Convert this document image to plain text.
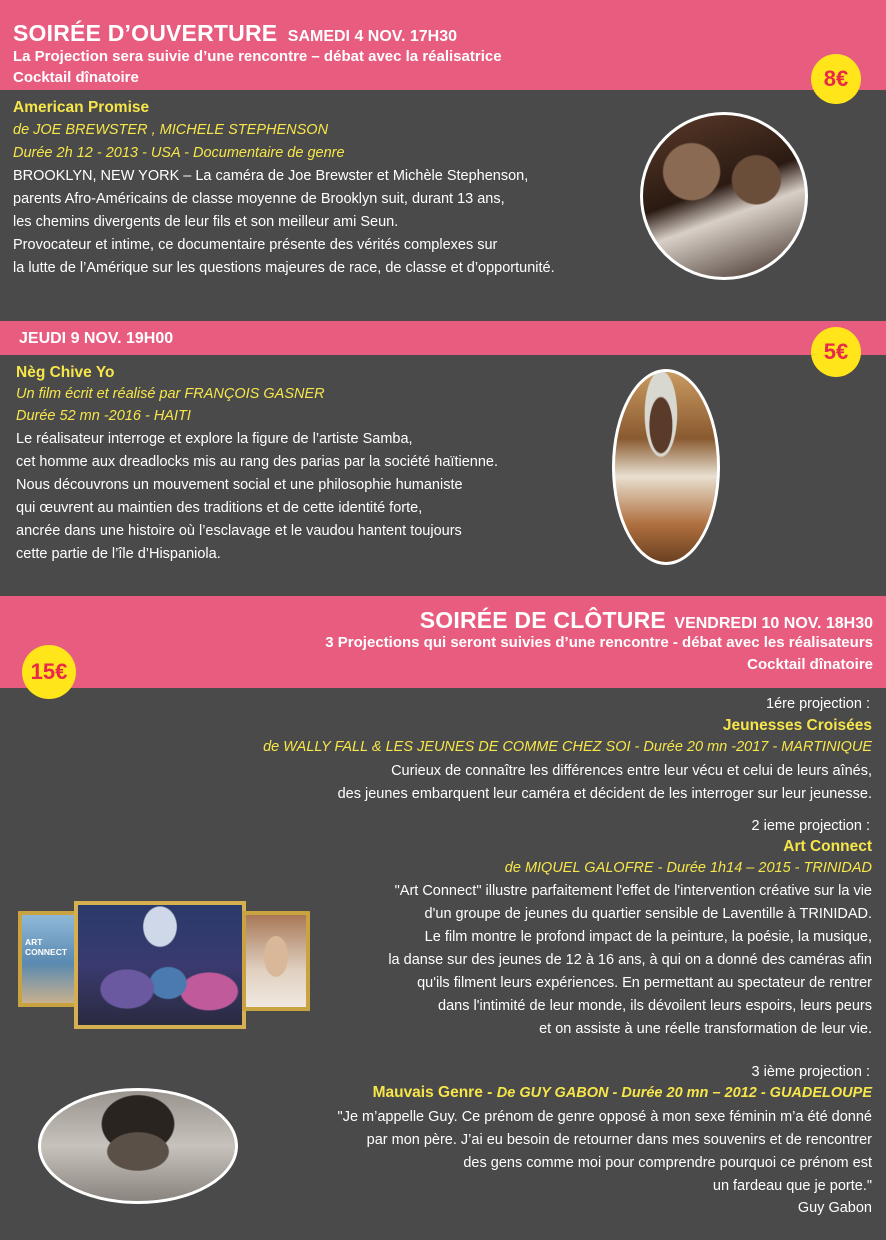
SOIRÉE D’OUVERTURE SAMEDI 4 NOV. 17H30
La Projection sera suivie d’une rencontre – débat avec la réalisatrice
Cocktail dînatoire	8€
American Promise
de JOE BREWSTER , MICHELE STEPHENSON
Durée 2h 12 - 2013 - USA - Documentaire de genre
BROOKLYN, NEW YORK – La caméra de Joe Brewster et Michèle Stephenson,
parents Afro-Américains de classe moyenne de Brooklyn suit, durant 13 ans,
les chemins divergents de leur fils et son meilleur ami Seun.
Provocateur et intime, ce documentaire présente des vérités complexes sur
la lutte de l’Amérique sur les questions majeures de race, de classe et d’opportunité.
JEUDI 9 NOV. 19H00
5€
Nèg Chive Yo
Un film écrit et réalisé par FRANÇOIS GASNER
Durée 52 mn -2016 - HAITI
Le réalisateur interroge et explore la figure de l’artiste Samba,
cet homme aux dreadlocks mis au rang des parias par la société haïtienne.
Nous découvrons un mouvement social et une philosophie humaniste
qui œuvrent au maintien des traditions et de cette identité forte,
ancrée dans une histoire où l’esclavage et le vaudou hantent toujours
cette partie de l’île d’Hispaniola.
SOIRÉE DE CLÔTURE VENDREDI 10 NOV. 18H30
3 Projections qui seront suivies d’une rencontre - débat avec les réalisateurs
Cocktail dînatoire
15€
1ére projection :
Jeunesses Croisées
de WALLY FALL & LES JEUNES DE COMME CHEZ SOI - Durée 20 mn -2017 - MARTINIQUE
Curieux de connaître les différences entre leur vécu et celui de leurs aînés,
des jeunes embarquent leur caméra et décident de les interroger sur leur jeunesse.
2 ieme projection :
Art Connect
de MIQUEL GALOFRE - Durée 1h14 – 2015 - TRINIDAD
"Art Connect" illustre parfaitement l'effet de l'intervention créative sur la vie
d'un groupe de jeunes du quartier sensible de Laventille à TRINIDAD.
Le film montre le profond impact de la peinture, la poésie, la musique,
la danse sur des jeunes de 12 à 16 ans, à qui on a donné des caméras afin
qu'ils filment leurs expériences. En permettant au spectateur de rentrer
dans l'intimité de leur monde, ils dévoilent leurs espoirs, leurs peurs
et on assiste à une réelle transformation de leur vie.
ART CONNECT
3 ième projection :
Mauvais Genre - De GUY GABON - Durée 20 mn – 2012 - GUADELOUPE
"Je m’appelle Guy. Ce prénom de genre opposé à mon sexe féminin m’a été donné
par mon père. J’ai eu besoin de retourner dans mes souvenirs et de rencontrer
des gens comme moi pour comprendre pourquoi ce prénom est
un fardeau que je porte."
Guy Gabon
